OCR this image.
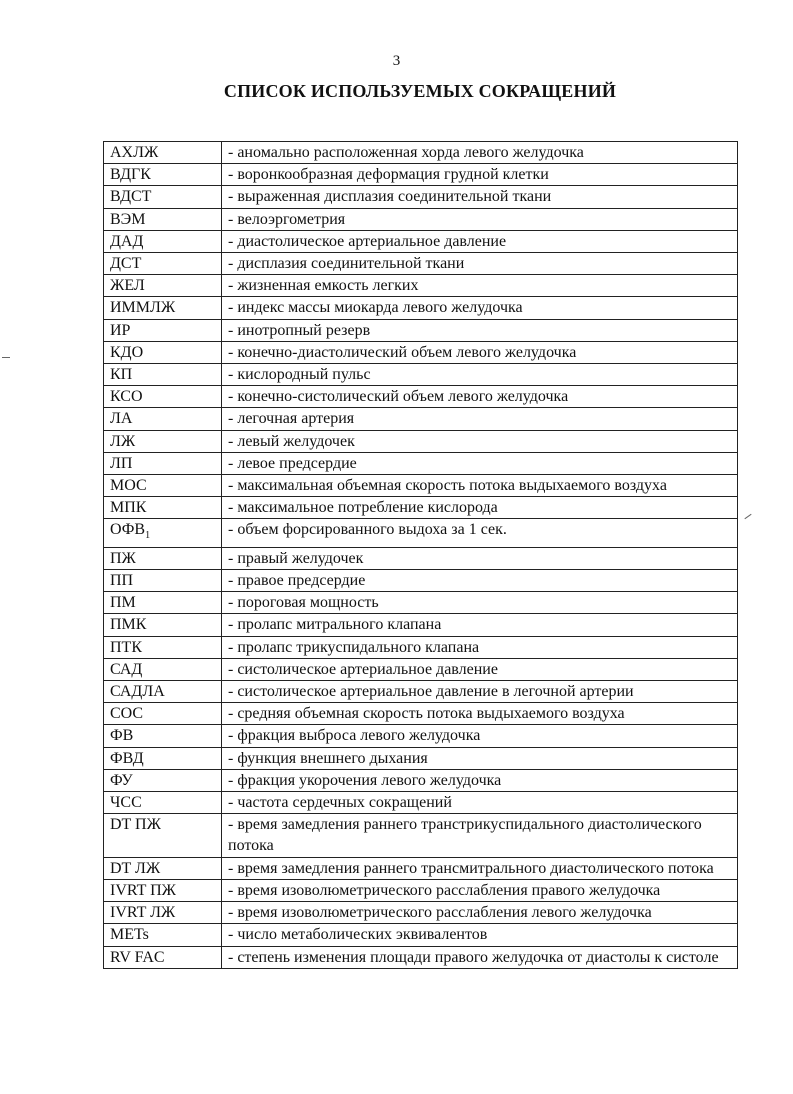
3
СПИСОК ИСПОЛЬЗУЕМЫХ СОКРАЩЕНИЙ
АХЛЖ	- аномально расположенная хорда левого желудочка
ВДГК	- воронкообразная деформация грудной клетки
ВДСТ	- выраженная дисплазия соединительной ткани
ВЭМ	- велоэргометрия
ДАД	- диастолическое артериальное давление
ДСТ	- дисплазия соединительной ткани
ЖЕЛ	- жизненная емкость легких
ИММЛЖ	- индекс массы миокарда левого желудочка
ИР	- инотропный резерв
КДО	- конечно-диастолический объем левого желудочка
КП	- кислородный пульс
КСО	- конечно-систолический объем левого желудочка
ЛА	- легочная артерия
ЛЖ	- левый желудочек
ЛП	- левое предсердие
МОС	- максимальная объемная скорость потока выдыхаемого воздуха
МПК	- максимальное потребление кислорода
$ОФВ_1$	- объем форсированного выдоха за 1 сек.
ПЖ	- правый желудочек
ПП	- правое предсердие
ПМ	- пороговая мощность
ПМК	- пролапс митрального клапана
ПТК	- пролапс трикуспидального клапана
САД	- систолическое артериальное давление
САДЛА	- систолическое артериальное давление в легочной артерии
СОС	- средняя объемная скорость потока выдыхаемого воздуха
ФВ	- фракция выброса левого желудочка
ФВД	- функция внешнего дыхания
ФУ	- фракция укорочения левого желудочка
ЧСС	- частота сердечных сокращений
DT ПЖ	- время замедления раннего транстрикуспидального диастолического потока
DT ЛЖ	- время замедления раннего трансмитрального диастолического потока
IVRT ПЖ	- время изоволюметрического расслабления правого желудочка
IVRT ЛЖ	- время изоволюметрического расслабления левого желудочка
METs	- число метаболических эквивалентов
RV FAC	- степень изменения площади правого желудочка от диастолы к систоле
